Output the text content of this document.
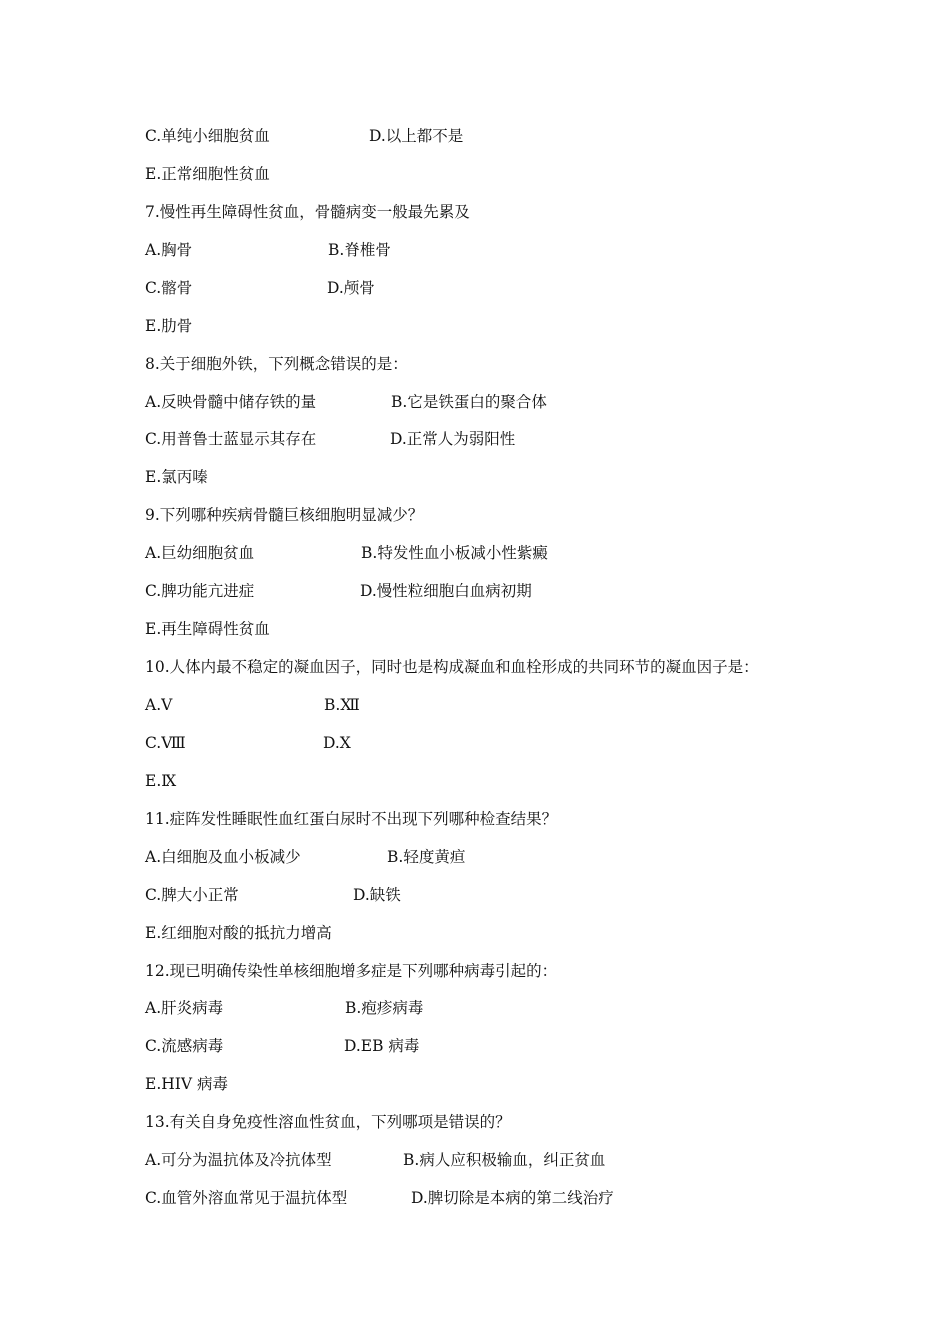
C.单纯小细胞贫血	D.以上都不是
E.正常细胞性贫血
7.慢性再生障碍性贫血，骨髓病变一般最先累及
A.胸骨	B.脊椎骨
C.髂骨	D.颅骨
E.肋骨
8.关于细胞外铁，下列概念错误的是：
A.反映骨髓中储存铁的量	B.它是铁蛋白的聚合体
C.用普鲁士蓝显示其存在	D.正常人为弱阳性
E.氯丙嗪
9.下列哪种疾病骨髓巨核细胞明显减少？
A.巨幼细胞贫血	B.特发性血小板减小性紫癜
C.脾功能亢进症	D.慢性粒细胞白血病初期
E.再生障碍性贫血
10.人体内最不稳定的凝血因子，同时也是构成凝血和血栓形成的共同环节的凝血因子是：
A.Ⅴ	B.Ⅻ
C.Ⅷ	D.Ⅹ
E.Ⅸ
11.症阵发性睡眠性血红蛋白尿时不出现下列哪种检查结果？
A.白细胞及血小板减少	B.轻度黄疸
C.脾大小正常	D.缺铁
E.红细胞对酸的抵抗力增高
12.现已明确传染性单核细胞增多症是下列哪种病毒引起的：
A.肝炎病毒	B.疱疹病毒
C.流感病毒	D.EB 病毒
E.HIV 病毒
13.有关自身免疫性溶血性贫血，下列哪项是错误的？
A.可分为温抗体及冷抗体型	B.病人应积极输血，纠正贫血
C.血管外溶血常见于温抗体型	D.脾切除是本病的第二线治疗
